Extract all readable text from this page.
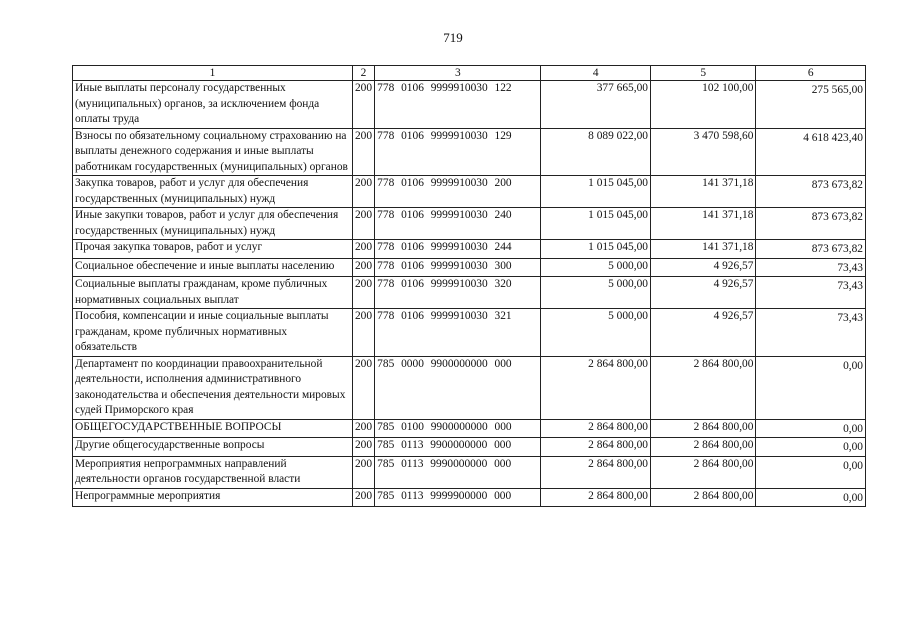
719
1	2	3	4	5	6
Иные выплаты персоналу государственных (муниципальных) органов, за исключением фонда оплаты труда	200	778 0106 9999910030 122	377 665,00	102 100,00	275 565,00
Взносы по обязательному социальному страхованию на выплаты денежного содержания и иные выплаты работникам государственных (муниципальных) органов	200	778 0106 9999910030 129	8 089 022,00	3 470 598,60	4 618 423,40
Закупка товаров, работ и услуг для обеспечения государственных (муниципальных) нужд	200	778 0106 9999910030 200	1 015 045,00	141 371,18	873 673,82
Иные закупки товаров, работ и услуг для обеспечения государственных (муниципальных) нужд	200	778 0106 9999910030 240	1 015 045,00	141 371,18	873 673,82
Прочая закупка товаров, работ и услуг	200	778 0106 9999910030 244	1 015 045,00	141 371,18	873 673,82
Социальное обеспечение и иные выплаты населению	200	778 0106 9999910030 300	5 000,00	4 926,57	73,43
Социальные выплаты гражданам, кроме публичных нормативных социальных выплат	200	778 0106 9999910030 320	5 000,00	4 926,57	73,43
Пособия, компенсации и иные социальные выплаты гражданам, кроме публичных нормативных обязательств	200	778 0106 9999910030 321	5 000,00	4 926,57	73,43
Департамент по координации правоохранительной деятельности, исполнения административного законодательства и обеспечения деятельности мировых судей Приморского края	200	785 0000 9900000000 000	2 864 800,00	2 864 800,00	0,00
ОБЩЕГОСУДАРСТВЕННЫЕ ВОПРОСЫ	200	785 0100 9900000000 000	2 864 800,00	2 864 800,00	0,00
Другие общегосударственные вопросы	200	785 0113 9900000000 000	2 864 800,00	2 864 800,00	0,00
Мероприятия непрограммных направлений деятельности органов государственной власти	200	785 0113 9990000000 000	2 864 800,00	2 864 800,00	0,00
Непрограммные мероприятия	200	785 0113 9999900000 000	2 864 800,00	2 864 800,00	0,00
